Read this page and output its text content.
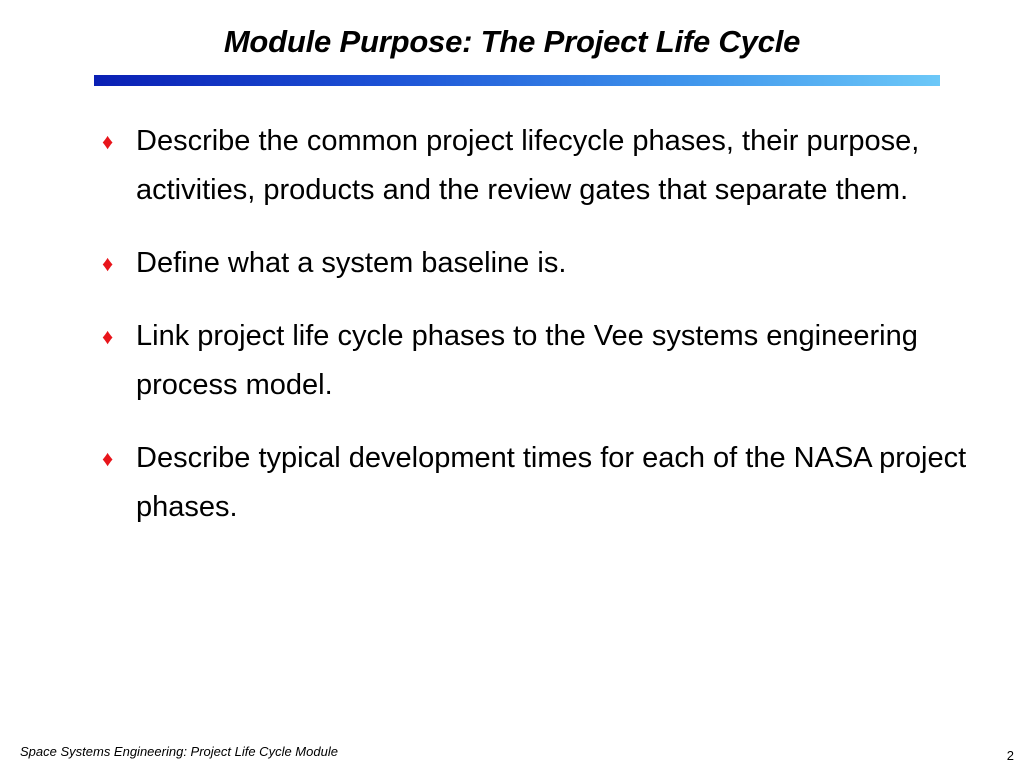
Module Purpose: The Project Life Cycle
♦ Describe the common project lifecycle phases, their purpose, activities, products and the review gates that separate them.
♦ Define what a system baseline is.
♦ Link project life cycle phases to the Vee systems engineering process model.
♦ Describe typical development times for each of the NASA project phases.
Space Systems Engineering: Project Life Cycle Module	2
